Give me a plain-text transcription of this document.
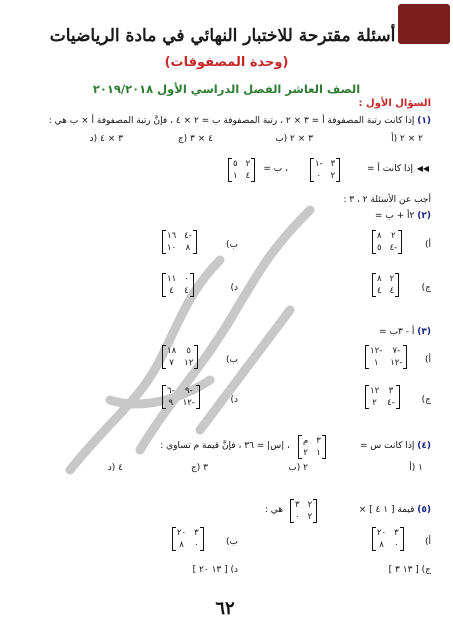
أسئلة مقترحة للاختبار النهائي في مادة الرياضيات
(وحدة المصفوفات)
الصف العاشر الفصل الدراسي الأول ٢٠١٩/٢٠١٨
السؤال الأول :
(١) إذا كانت رتبة المصفوفة أ = ٣ × ٢ ، رتبة المصفوفة ب = ٢ × ٤ ، فإنَّ رتبة المصفوفة أ × ب هي :
٢ × ٢ (أ
٣ × ٢ (ب
٤ × ٣ (ج
٣ × ٤ (د
◀◀
إذا كانت أ =
١- ٣
٠ ٢
، ب =
٥ ٢
١ ٤
أجب عن الأسئلة ٢ ، ٣ :
(٢) ٢أ + ب =
أ)
٨ ٢
٥ ٤-
ب)
١٦ ٤-
١٠ ٨
ج)
٨ ٢
٤ ٤
د)
١١ ٠
٤ ٤
(٣) أ - ٣ب =
أ)
١٢- ٧-
١	١٢-
ب)
١٨ ٥
٧ ١٢
ج)
١٢ ٣
٢ ٤-
د)
٦- ٩-
٩ ١٢-
(٤) إذا كانت س =
م ٣
٢ ١
، |س| = ٣٦ ، فإنَّ قيمة م تساوي :
١ (أ
٢ (ب
٣ (ج
٤ (د
(٥) قيمة [ ١ ٤ ] ×
٣ ٢
٠ ٢
هي :
أ)
٢٠ ٣
٨ ٠
ب)
٢٠ ٣
٨ ٠
ج) [ ١٣ ٣ ]
د) [ ١٣ ٢٠ ]
٦٢
